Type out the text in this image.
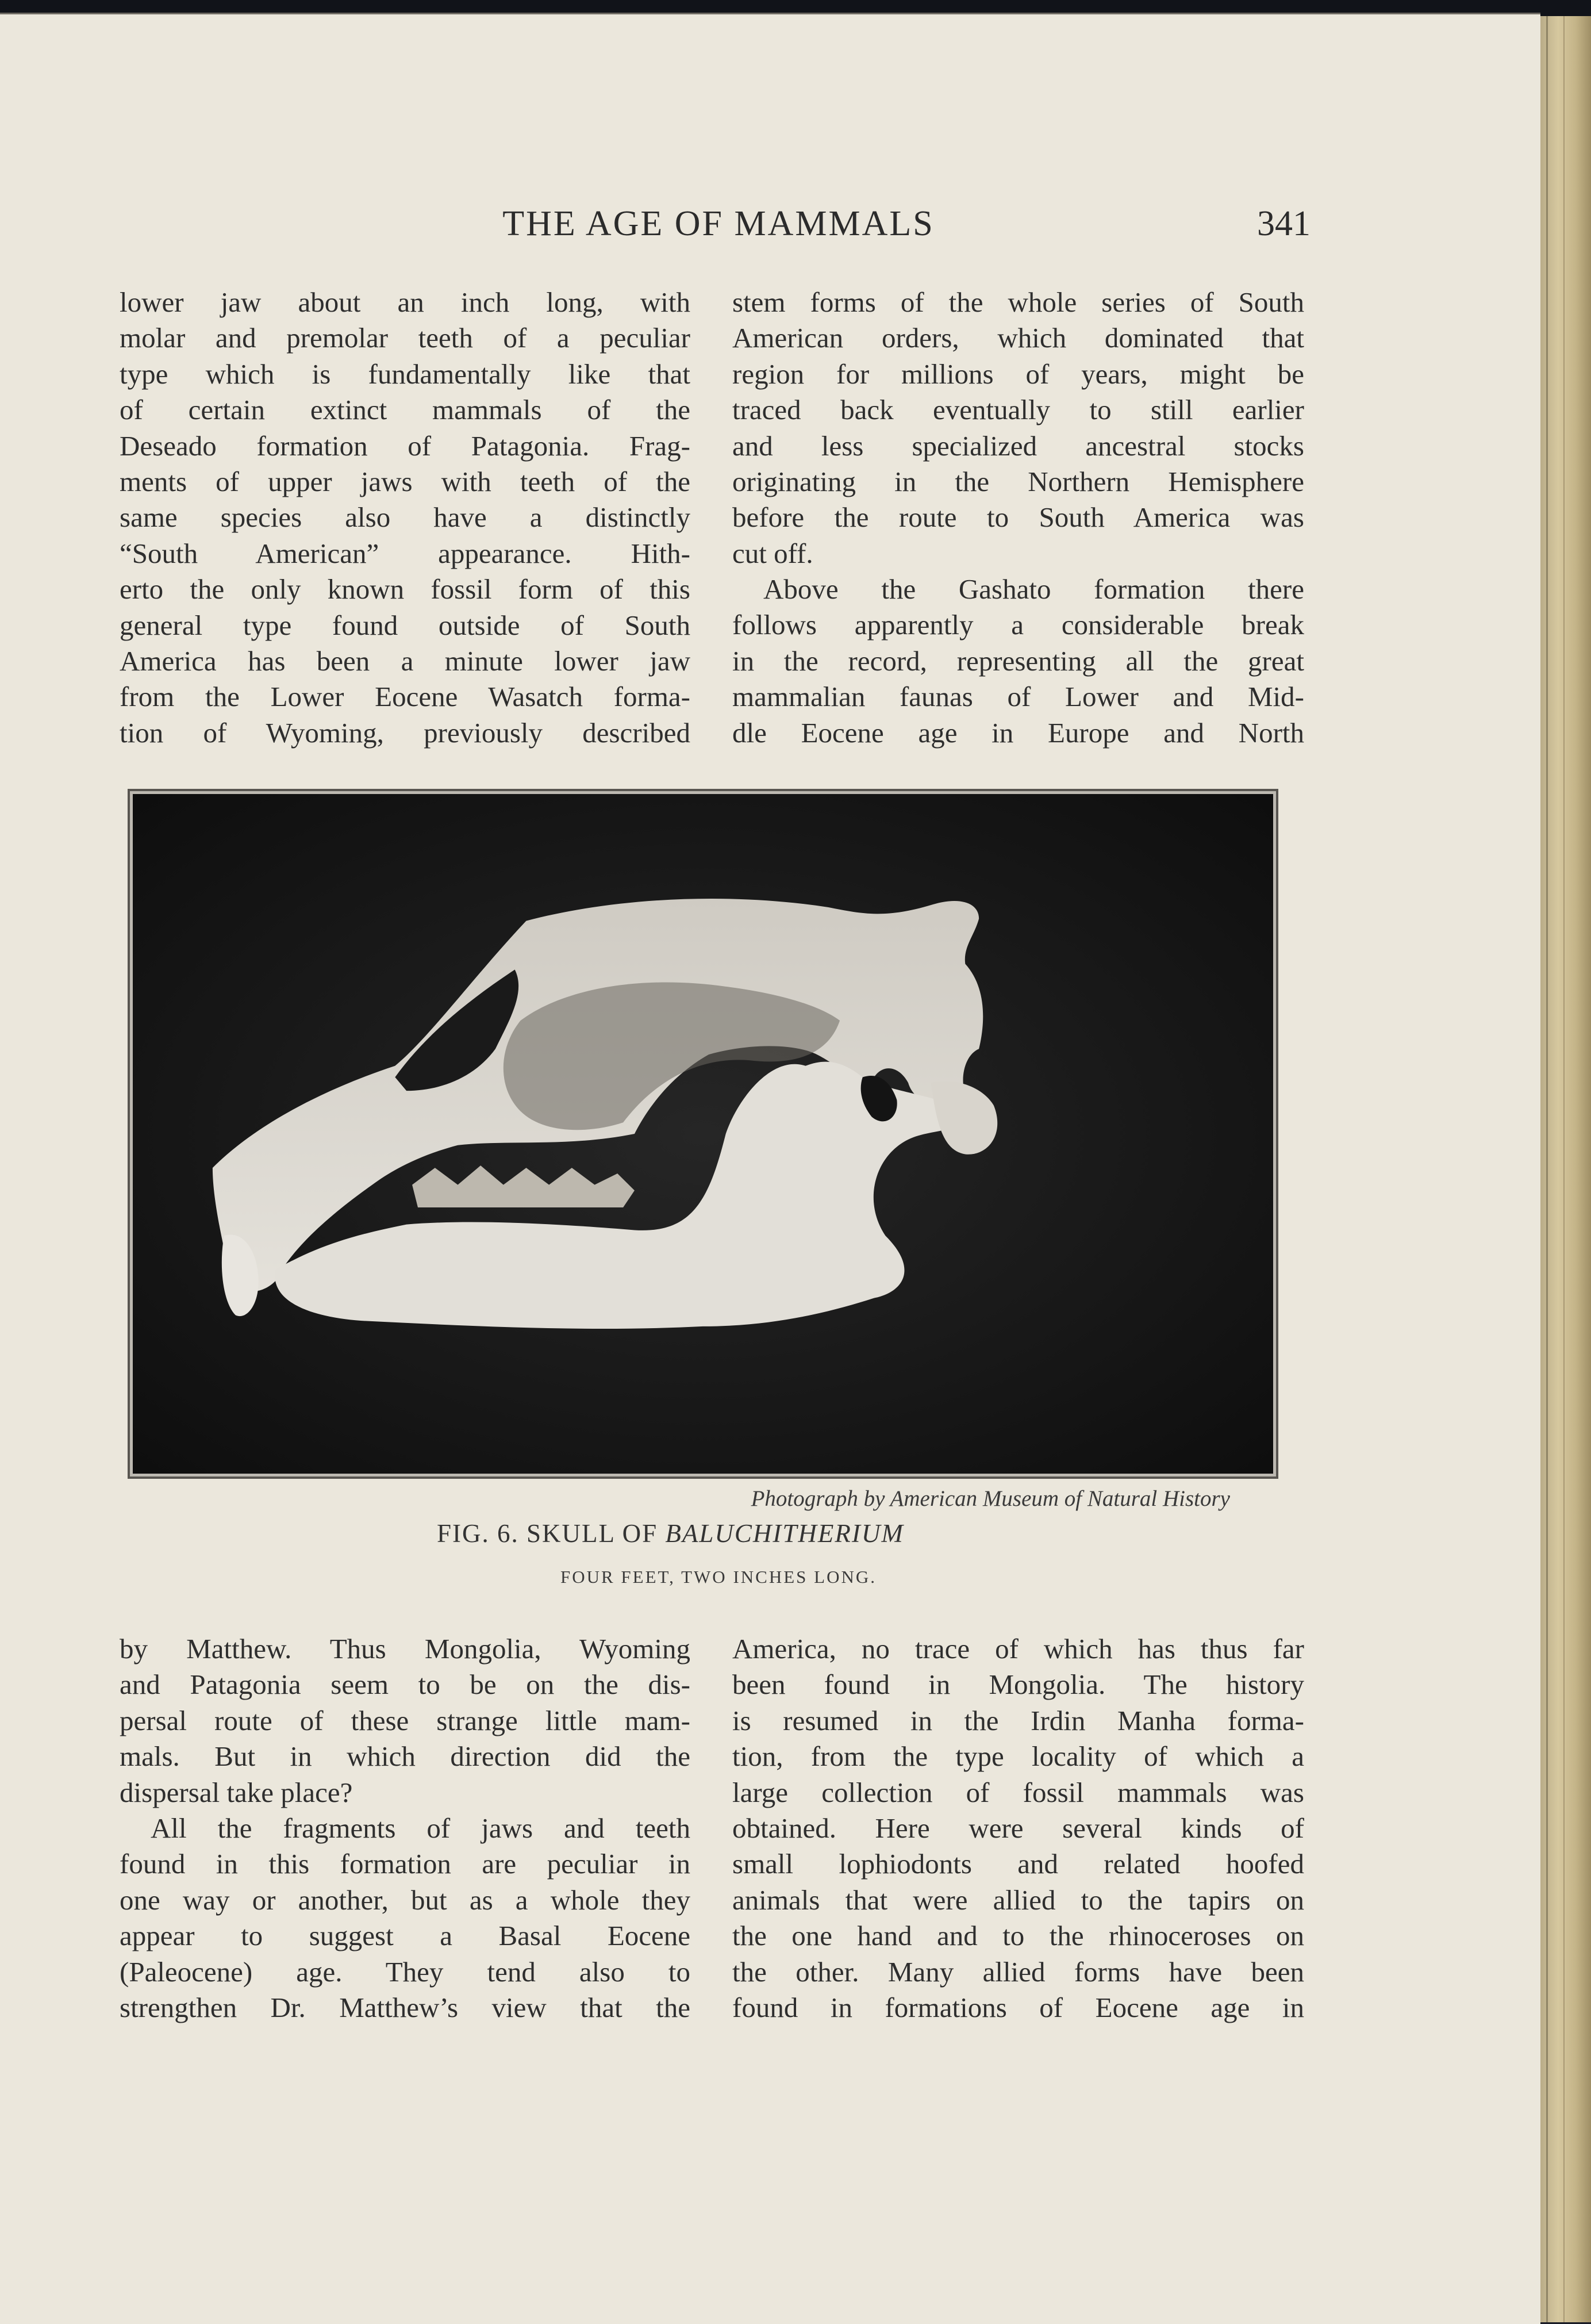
THE AGE OF MAMMALS	341
lower jaw about an inch long, with
molar and premolar teeth of a peculiar
type which is fundamentally like that
of certain extinct mammals of the
Deseado formation of Patagonia. Frag-
ments of upper jaws with teeth of the
same species also have a distinctly
“South American” appearance. Hith-
erto the only known fossil form of this
general type found outside of South
America has been a minute lower jaw
from the Lower Eocene Wasatch forma-
tion of Wyoming, previously described
stem forms of the whole series of South
American orders, which dominated that
region for millions of years, might be
traced back eventually to still earlier
and less specialized ancestral stocks
originating in the Northern Hemisphere
before the route to South America was
cut off.
Above the Gashato formation there
follows apparently a considerable break
in the record, representing all the great
mammalian faunas of Lower and Mid-
dle Eocene age in Europe and North
Photograph by American Museum of Natural History
FIG. 6. SKULL OF BALUCHITHERIUM
FOUR FEET, TWO INCHES LONG.
by Matthew. Thus Mongolia, Wyoming
and Patagonia seem to be on the dis-
persal route of these strange little mam-
mals. But in which direction did the
dispersal take place?
All the fragments of jaws and teeth
found in this formation are peculiar in
one way or another, but as a whole they
appear to suggest a Basal Eocene
(Paleocene) age. They tend also to
strengthen Dr. Matthew’s view that the
America, no trace of which has thus far
been found in Mongolia. The history
is resumed in the Irdin Manha forma-
tion, from the type locality of which a
large collection of fossil mammals was
obtained. Here were several kinds of
small lophiodonts and related hoofed
animals that were allied to the tapirs on
the one hand and to the rhinoceroses on
the other. Many allied forms have been
found in formations of Eocene age in
